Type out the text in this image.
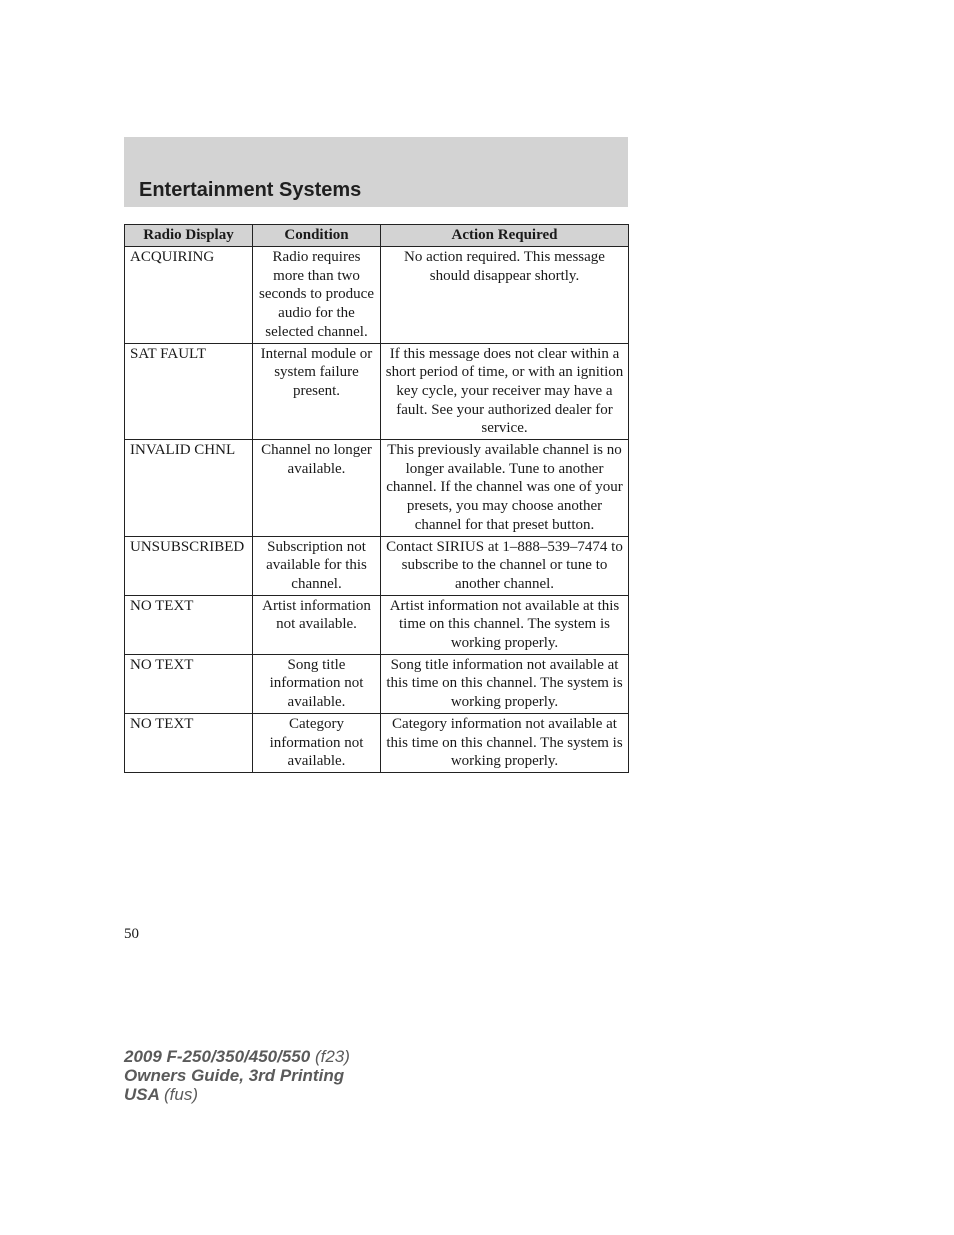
Entertainment Systems
Radio Display	Condition	Action Required
ACQUIRING	Radio requires more than two seconds to produce audio for the selected channel.	No action required. This message should disappear shortly.
SAT FAULT	Internal module or system failure present.	If this message does not clear within a short period of time, or with an ignition key cycle, your receiver may have a fault. See your authorized dealer for service.
INVALID CHNL	Channel no longer available.	This previously available channel is no longer available. Tune to another channel. If the channel was one of your presets, you may choose another channel for that preset button.
UNSUBSCRIBED	Subscription not available for this channel.	Contact SIRIUS at 1–888–539–7474 to subscribe to the channel or tune to another channel.
NO TEXT	Artist information not available.	Artist information not available at this time on this channel. The system is working properly.
NO TEXT	Song title information not available.	Song title information not available at this time on this channel. The system is working properly.
NO TEXT	Category information not available.	Category information not available at this time on this channel. The system is working properly.
50
2009 F-250/350/450/550 (f23)
Owners Guide, 3rd Printing
USA (fus)
